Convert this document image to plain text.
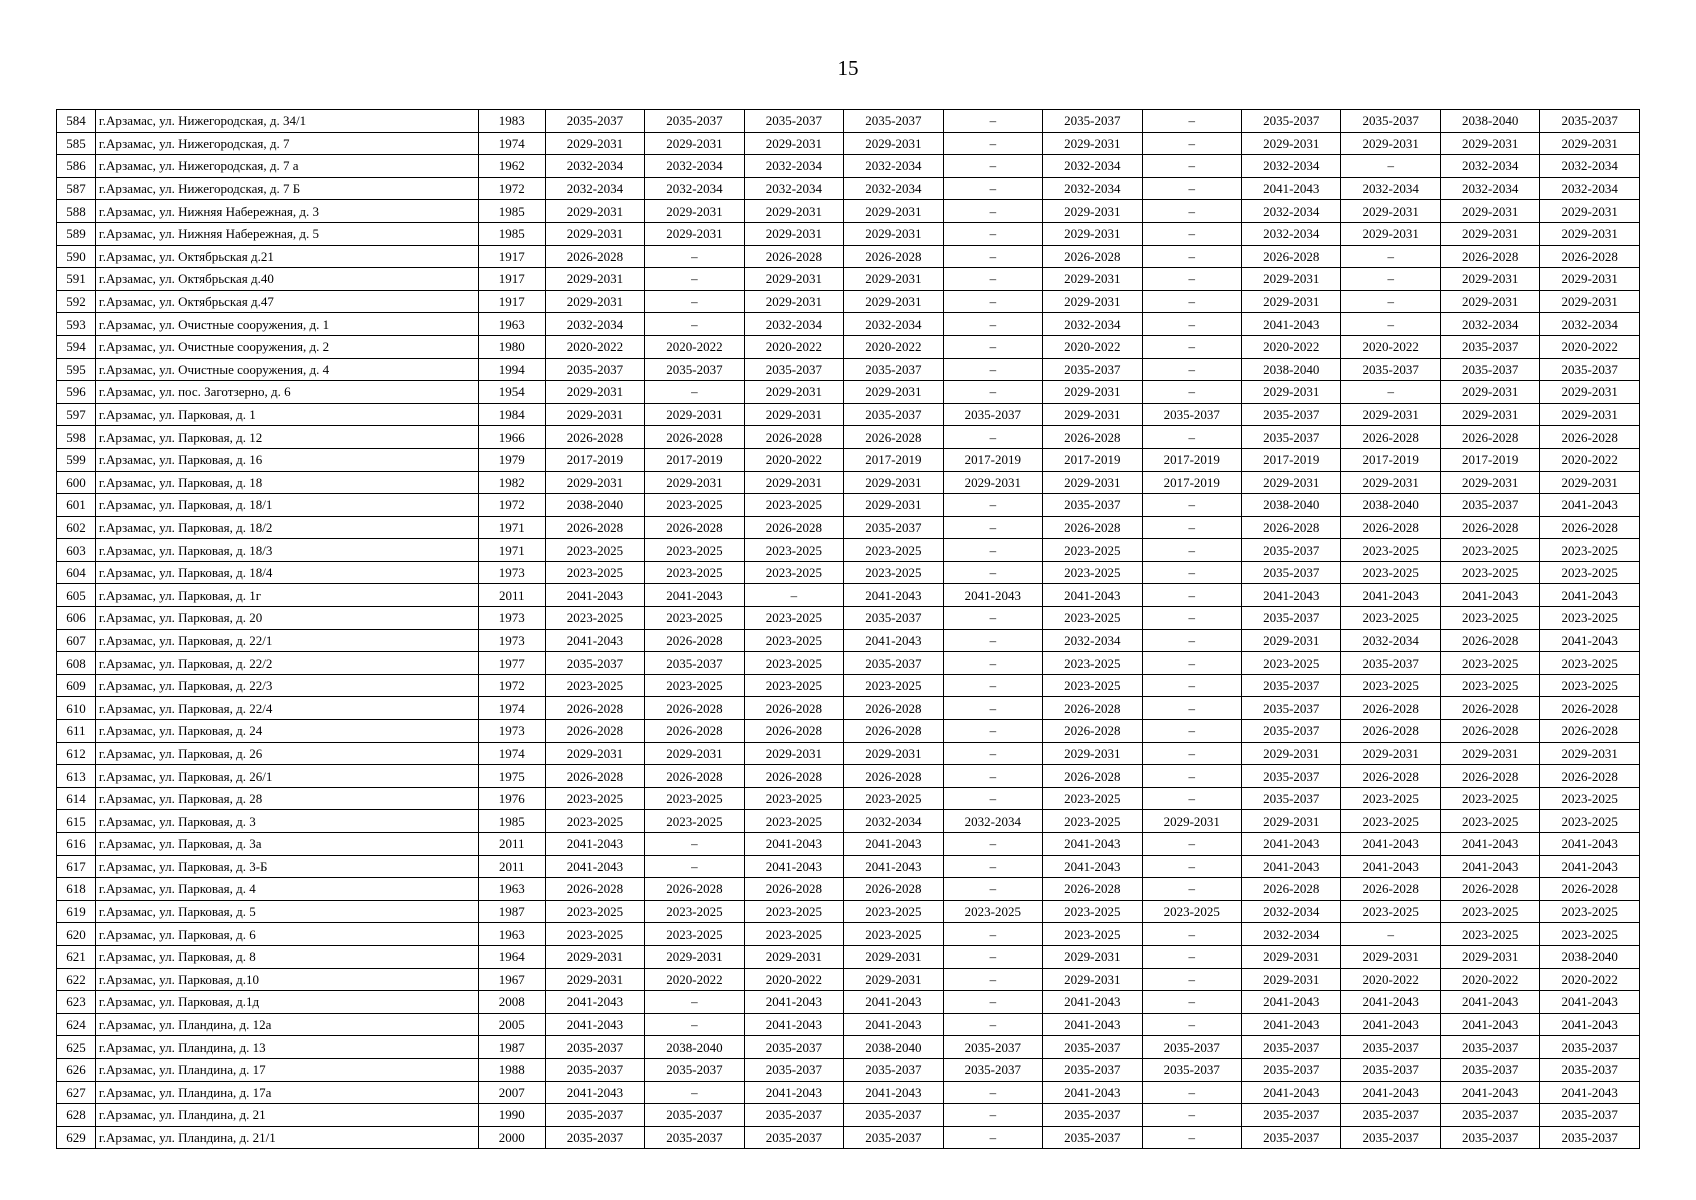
15
584	г.Арзамас, ул. Нижегородская, д. 34/1	1983	2035-2037	2035-2037	2035-2037	2035-2037	–	2035-2037	–	2035-2037	2035-2037	2038-2040	2035-2037
585	г.Арзамас, ул. Нижегородская, д. 7	1974	2029-2031	2029-2031	2029-2031	2029-2031	–	2029-2031	–	2029-2031	2029-2031	2029-2031	2029-2031
586	г.Арзамас, ул. Нижегородская, д. 7 а	1962	2032-2034	2032-2034	2032-2034	2032-2034	–	2032-2034	–	2032-2034	–	2032-2034	2032-2034
587	г.Арзамас, ул. Нижегородская, д. 7 Б	1972	2032-2034	2032-2034	2032-2034	2032-2034	–	2032-2034	–	2041-2043	2032-2034	2032-2034	2032-2034
588	г.Арзамас, ул. Нижняя Набережная, д. 3	1985	2029-2031	2029-2031	2029-2031	2029-2031	–	2029-2031	–	2032-2034	2029-2031	2029-2031	2029-2031
589	г.Арзамас, ул. Нижняя Набережная, д. 5	1985	2029-2031	2029-2031	2029-2031	2029-2031	–	2029-2031	–	2032-2034	2029-2031	2029-2031	2029-2031
590	г.Арзамас, ул. Октябрьская д.21	1917	2026-2028	–	2026-2028	2026-2028	–	2026-2028	–	2026-2028	–	2026-2028	2026-2028
591	г.Арзамас, ул. Октябрьская д.40	1917	2029-2031	–	2029-2031	2029-2031	–	2029-2031	–	2029-2031	–	2029-2031	2029-2031
592	г.Арзамас, ул. Октябрьская д.47	1917	2029-2031	–	2029-2031	2029-2031	–	2029-2031	–	2029-2031	–	2029-2031	2029-2031
593	г.Арзамас, ул. Очистные сооружения, д. 1	1963	2032-2034	–	2032-2034	2032-2034	–	2032-2034	–	2041-2043	–	2032-2034	2032-2034
594	г.Арзамас, ул. Очистные сооружения, д. 2	1980	2020-2022	2020-2022	2020-2022	2020-2022	–	2020-2022	–	2020-2022	2020-2022	2035-2037	2020-2022
595	г.Арзамас, ул. Очистные сооружения, д. 4	1994	2035-2037	2035-2037	2035-2037	2035-2037	–	2035-2037	–	2038-2040	2035-2037	2035-2037	2035-2037
596	г.Арзамас, ул. пос. Заготзерно, д. 6	1954	2029-2031	–	2029-2031	2029-2031	–	2029-2031	–	2029-2031	–	2029-2031	2029-2031
597	г.Арзамас, ул. Парковая, д. 1	1984	2029-2031	2029-2031	2029-2031	2035-2037	2035-2037	2029-2031	2035-2037	2035-2037	2029-2031	2029-2031	2029-2031
598	г.Арзамас, ул. Парковая, д. 12	1966	2026-2028	2026-2028	2026-2028	2026-2028	–	2026-2028	–	2035-2037	2026-2028	2026-2028	2026-2028
599	г.Арзамас, ул. Парковая, д. 16	1979	2017-2019	2017-2019	2020-2022	2017-2019	2017-2019	2017-2019	2017-2019	2017-2019	2017-2019	2017-2019	2020-2022
600	г.Арзамас, ул. Парковая, д. 18	1982	2029-2031	2029-2031	2029-2031	2029-2031	2029-2031	2029-2031	2017-2019	2029-2031	2029-2031	2029-2031	2029-2031
601	г.Арзамас, ул. Парковая, д. 18/1	1972	2038-2040	2023-2025	2023-2025	2029-2031	–	2035-2037	–	2038-2040	2038-2040	2035-2037	2041-2043
602	г.Арзамас, ул. Парковая, д. 18/2	1971	2026-2028	2026-2028	2026-2028	2035-2037	–	2026-2028	–	2026-2028	2026-2028	2026-2028	2026-2028
603	г.Арзамас, ул. Парковая, д. 18/3	1971	2023-2025	2023-2025	2023-2025	2023-2025	–	2023-2025	–	2035-2037	2023-2025	2023-2025	2023-2025
604	г.Арзамас, ул. Парковая, д. 18/4	1973	2023-2025	2023-2025	2023-2025	2023-2025	–	2023-2025	–	2035-2037	2023-2025	2023-2025	2023-2025
605	г.Арзамас, ул. Парковая, д. 1г	2011	2041-2043	2041-2043	–	2041-2043	2041-2043	2041-2043	–	2041-2043	2041-2043	2041-2043	2041-2043
606	г.Арзамас, ул. Парковая, д. 20	1973	2023-2025	2023-2025	2023-2025	2035-2037	–	2023-2025	–	2035-2037	2023-2025	2023-2025	2023-2025
607	г.Арзамас, ул. Парковая, д. 22/1	1973	2041-2043	2026-2028	2023-2025	2041-2043	–	2032-2034	–	2029-2031	2032-2034	2026-2028	2041-2043
608	г.Арзамас, ул. Парковая, д. 22/2	1977	2035-2037	2035-2037	2023-2025	2035-2037	–	2023-2025	–	2023-2025	2035-2037	2023-2025	2023-2025
609	г.Арзамас, ул. Парковая, д. 22/3	1972	2023-2025	2023-2025	2023-2025	2023-2025	–	2023-2025	–	2035-2037	2023-2025	2023-2025	2023-2025
610	г.Арзамас, ул. Парковая, д. 22/4	1974	2026-2028	2026-2028	2026-2028	2026-2028	–	2026-2028	–	2035-2037	2026-2028	2026-2028	2026-2028
611	г.Арзамас, ул. Парковая, д. 24	1973	2026-2028	2026-2028	2026-2028	2026-2028	–	2026-2028	–	2035-2037	2026-2028	2026-2028	2026-2028
612	г.Арзамас, ул. Парковая, д. 26	1974	2029-2031	2029-2031	2029-2031	2029-2031	–	2029-2031	–	2029-2031	2029-2031	2029-2031	2029-2031
613	г.Арзамас, ул. Парковая, д. 26/1	1975	2026-2028	2026-2028	2026-2028	2026-2028	–	2026-2028	–	2035-2037	2026-2028	2026-2028	2026-2028
614	г.Арзамас, ул. Парковая, д. 28	1976	2023-2025	2023-2025	2023-2025	2023-2025	–	2023-2025	–	2035-2037	2023-2025	2023-2025	2023-2025
615	г.Арзамас, ул. Парковая, д. 3	1985	2023-2025	2023-2025	2023-2025	2032-2034	2032-2034	2023-2025	2029-2031	2029-2031	2023-2025	2023-2025	2023-2025
616	г.Арзамас, ул. Парковая, д. 3а	2011	2041-2043	–	2041-2043	2041-2043	–	2041-2043	–	2041-2043	2041-2043	2041-2043	2041-2043
617	г.Арзамас, ул. Парковая, д. 3-Б	2011	2041-2043	–	2041-2043	2041-2043	–	2041-2043	–	2041-2043	2041-2043	2041-2043	2041-2043
618	г.Арзамас, ул. Парковая, д. 4	1963	2026-2028	2026-2028	2026-2028	2026-2028	–	2026-2028	–	2026-2028	2026-2028	2026-2028	2026-2028
619	г.Арзамас, ул. Парковая, д. 5	1987	2023-2025	2023-2025	2023-2025	2023-2025	2023-2025	2023-2025	2023-2025	2032-2034	2023-2025	2023-2025	2023-2025
620	г.Арзамас, ул. Парковая, д. 6	1963	2023-2025	2023-2025	2023-2025	2023-2025	–	2023-2025	–	2032-2034	–	2023-2025	2023-2025
621	г.Арзамас, ул. Парковая, д. 8	1964	2029-2031	2029-2031	2029-2031	2029-2031	–	2029-2031	–	2029-2031	2029-2031	2029-2031	2038-2040
622	г.Арзамас, ул. Парковая, д.10	1967	2029-2031	2020-2022	2020-2022	2029-2031	–	2029-2031	–	2029-2031	2020-2022	2020-2022	2020-2022
623	г.Арзамас, ул. Парковая, д.1д	2008	2041-2043	–	2041-2043	2041-2043	–	2041-2043	–	2041-2043	2041-2043	2041-2043	2041-2043
624	г.Арзамас, ул. Пландина, д. 12а	2005	2041-2043	–	2041-2043	2041-2043	–	2041-2043	–	2041-2043	2041-2043	2041-2043	2041-2043
625	г.Арзамас, ул. Пландина, д. 13	1987	2035-2037	2038-2040	2035-2037	2038-2040	2035-2037	2035-2037	2035-2037	2035-2037	2035-2037	2035-2037	2035-2037
626	г.Арзамас, ул. Пландина, д. 17	1988	2035-2037	2035-2037	2035-2037	2035-2037	2035-2037	2035-2037	2035-2037	2035-2037	2035-2037	2035-2037	2035-2037
627	г.Арзамас, ул. Пландина, д. 17а	2007	2041-2043	–	2041-2043	2041-2043	–	2041-2043	–	2041-2043	2041-2043	2041-2043	2041-2043
628	г.Арзамас, ул. Пландина, д. 21	1990	2035-2037	2035-2037	2035-2037	2035-2037	–	2035-2037	–	2035-2037	2035-2037	2035-2037	2035-2037
629	г.Арзамас, ул. Пландина, д. 21/1	2000	2035-2037	2035-2037	2035-2037	2035-2037	–	2035-2037	–	2035-2037	2035-2037	2035-2037	2035-2037
